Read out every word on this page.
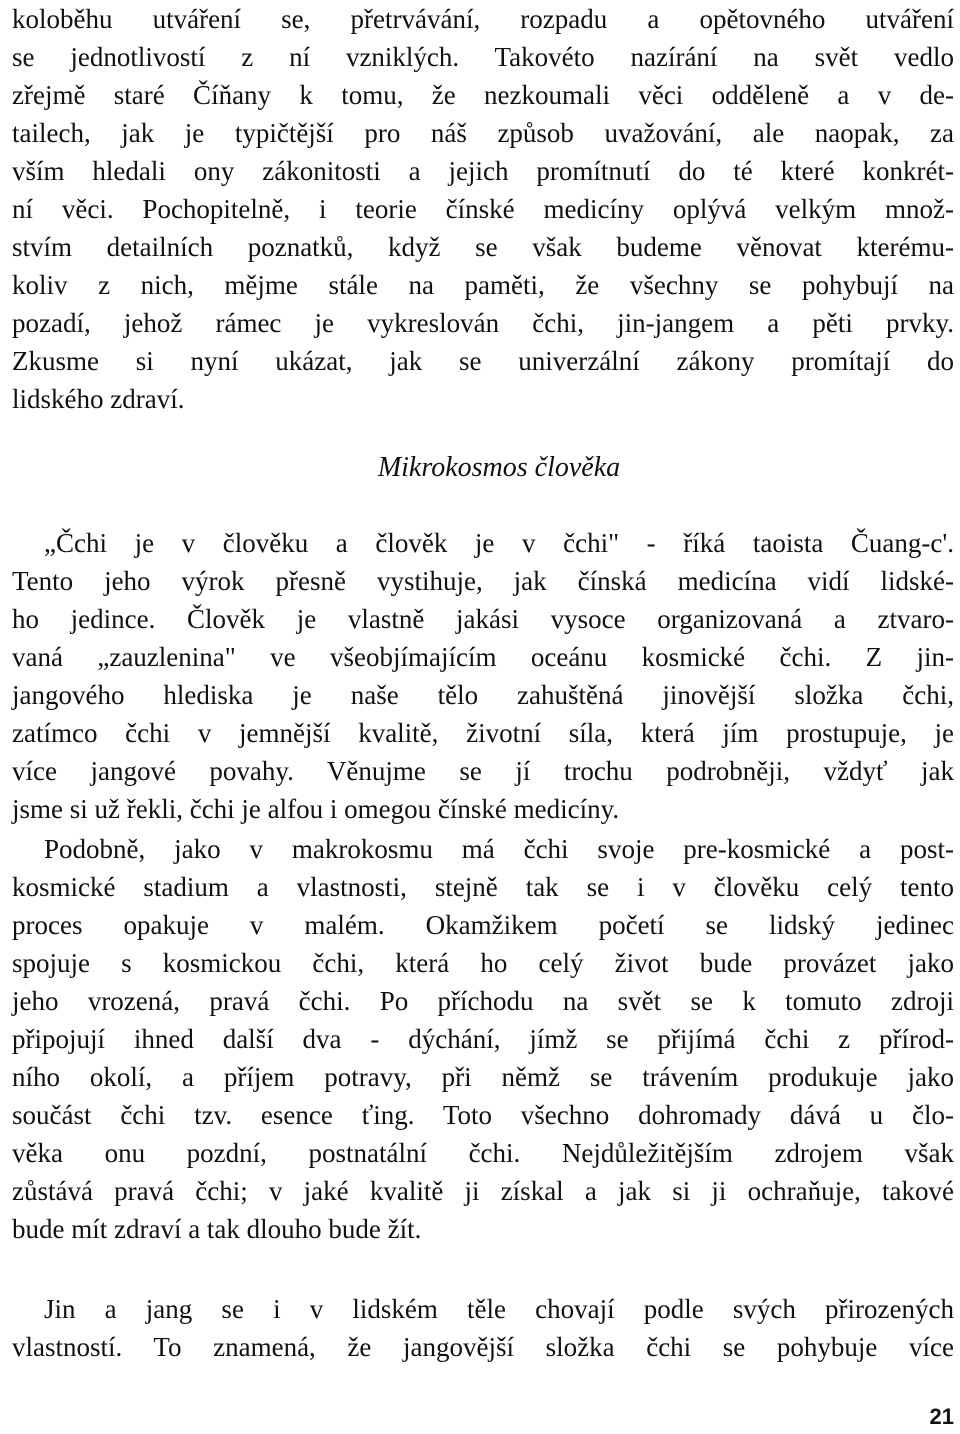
koloběhu utváření se, přetrvávání, rozpadu a opětovného utváření
se jednotlivostí z ní vzniklých. Takovéto nazírání na svět vedlo
zřejmě staré Číňany k tomu, že nezkoumali věci odděleně a v de-
tailech, jak je typičtější pro náš způsob uvažování, ale naopak, za
vším hledali ony zákonitosti a jejich promítnutí do té které konkrét-
ní věci. Pochopitelně, i teorie čínské medicíny oplývá velkým množ-
stvím detailních poznatků, když se však budeme věnovat kterému-
koliv z nich, mějme stále na paměti, že všechny se pohybují na
pozadí, jehož rámec je vykreslován čchi, jin-jangem a pěti prvky.
Zkusme si nyní ukázat, jak se univerzální zákony promítají do
lidského zdraví.
Mikrokosmos člověka
„Čchi je v člověku a člověk je v čchi" - říká taoista Čuang-c'.
Tento jeho výrok přesně vystihuje, jak čínská medicína vidí lidské-
ho jedince. Člověk je vlastně jakási vysoce organizovaná a ztvaro-
vaná „zauzlenina" ve všeobjímajícím oceánu kosmické čchi. Z jin-
jangového hlediska je naše tělo zahuštěná jinovější složka čchi,
zatímco čchi v jemnější kvalitě, životní síla, která jím prostupuje, je
více jangové povahy. Věnujme se jí trochu podrobněji, vždyť jak
jsme si už řekli, čchi je alfou i omegou čínské medicíny.
Podobně, jako v makrokosmu má čchi svoje pre-kosmické a post-
kosmické stadium a vlastnosti, stejně tak se i v člověku celý tento
proces opakuje v malém. Okamžikem početí se lidský jedinec
spojuje s kosmickou čchi, která ho celý život bude provázet jako
jeho vrozená, pravá čchi. Po příchodu na svět se k tomuto zdroji
připojují ihned další dva - dýchání, jímž se přijímá čchi z přírod-
ního okolí, a příjem potravy, při němž se trávením produkuje jako
součást čchi tzv. esence ťing. Toto všechno dohromady dává u člo-
věka onu pozdní, postnatální čchi. Nejdůležitějším zdrojem však
zůstává pravá čchi; v jaké kvalitě ji získal a jak si ji ochraňuje, takové
bude mít zdraví a tak dlouho bude žít.
Jin a jang se i v lidském těle chovají podle svých přirozených
vlastností. To znamená, že jangovější složka čchi se pohybuje více
21
